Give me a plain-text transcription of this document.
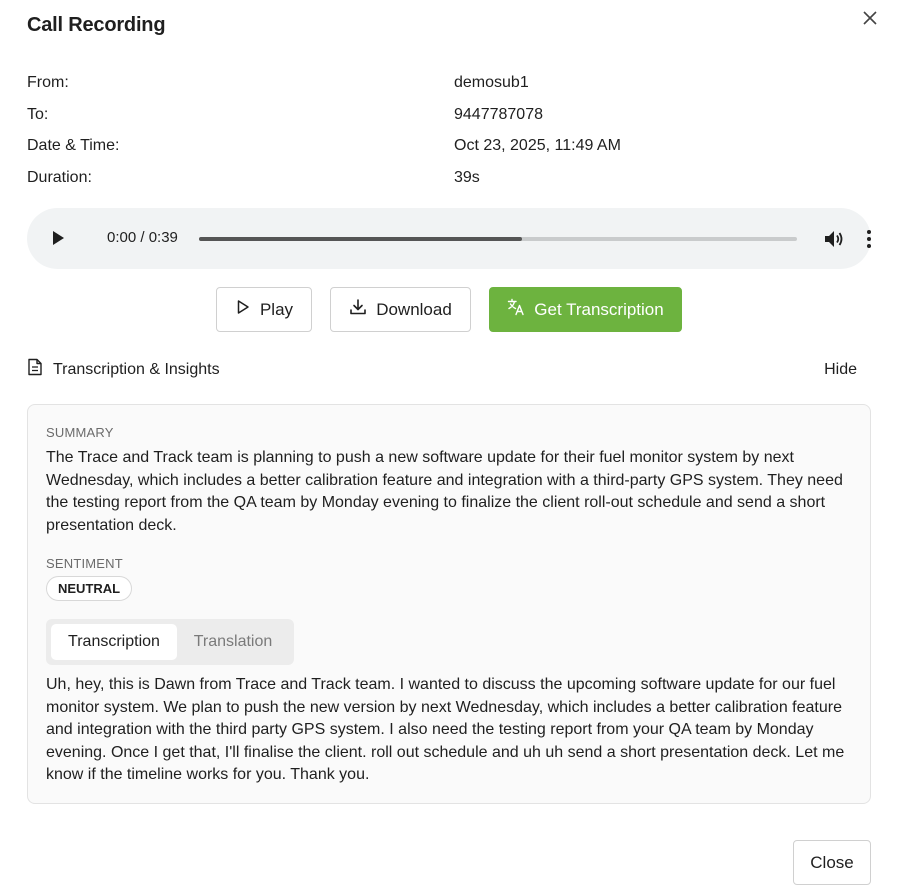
Call Recording
From:	demosub1
To:	9447787078
Date & Time:	Oct 23, 2025, 11:49 AM
Duration:	39s
0:00 / 0:39
Play	Download	Get Transcription
Transcription & Insights	Hide
SUMMARY
The Trace and Track team is planning to push a new software update for their fuel monitor system by next Wednesday, which includes a better calibration feature and integration with a third-party GPS system. They need the testing report from the QA team by Monday evening to finalize the client roll-out schedule and send a short presentation deck.
SENTIMENT
NEUTRAL
Transcription	Translation
Uh, hey, this is Dawn from Trace and Track team. I wanted to discuss the upcoming software update for our fuel monitor system. We plan to push the new version by next Wednesday, which includes a better calibration feature and integration with the third party GPS system. I also need the testing report from your QA team by Monday evening. Once I get that, I'll finalise the client. roll out schedule and uh uh send a short presentation deck. Let me know if the timeline works for you. Thank you.
Close
